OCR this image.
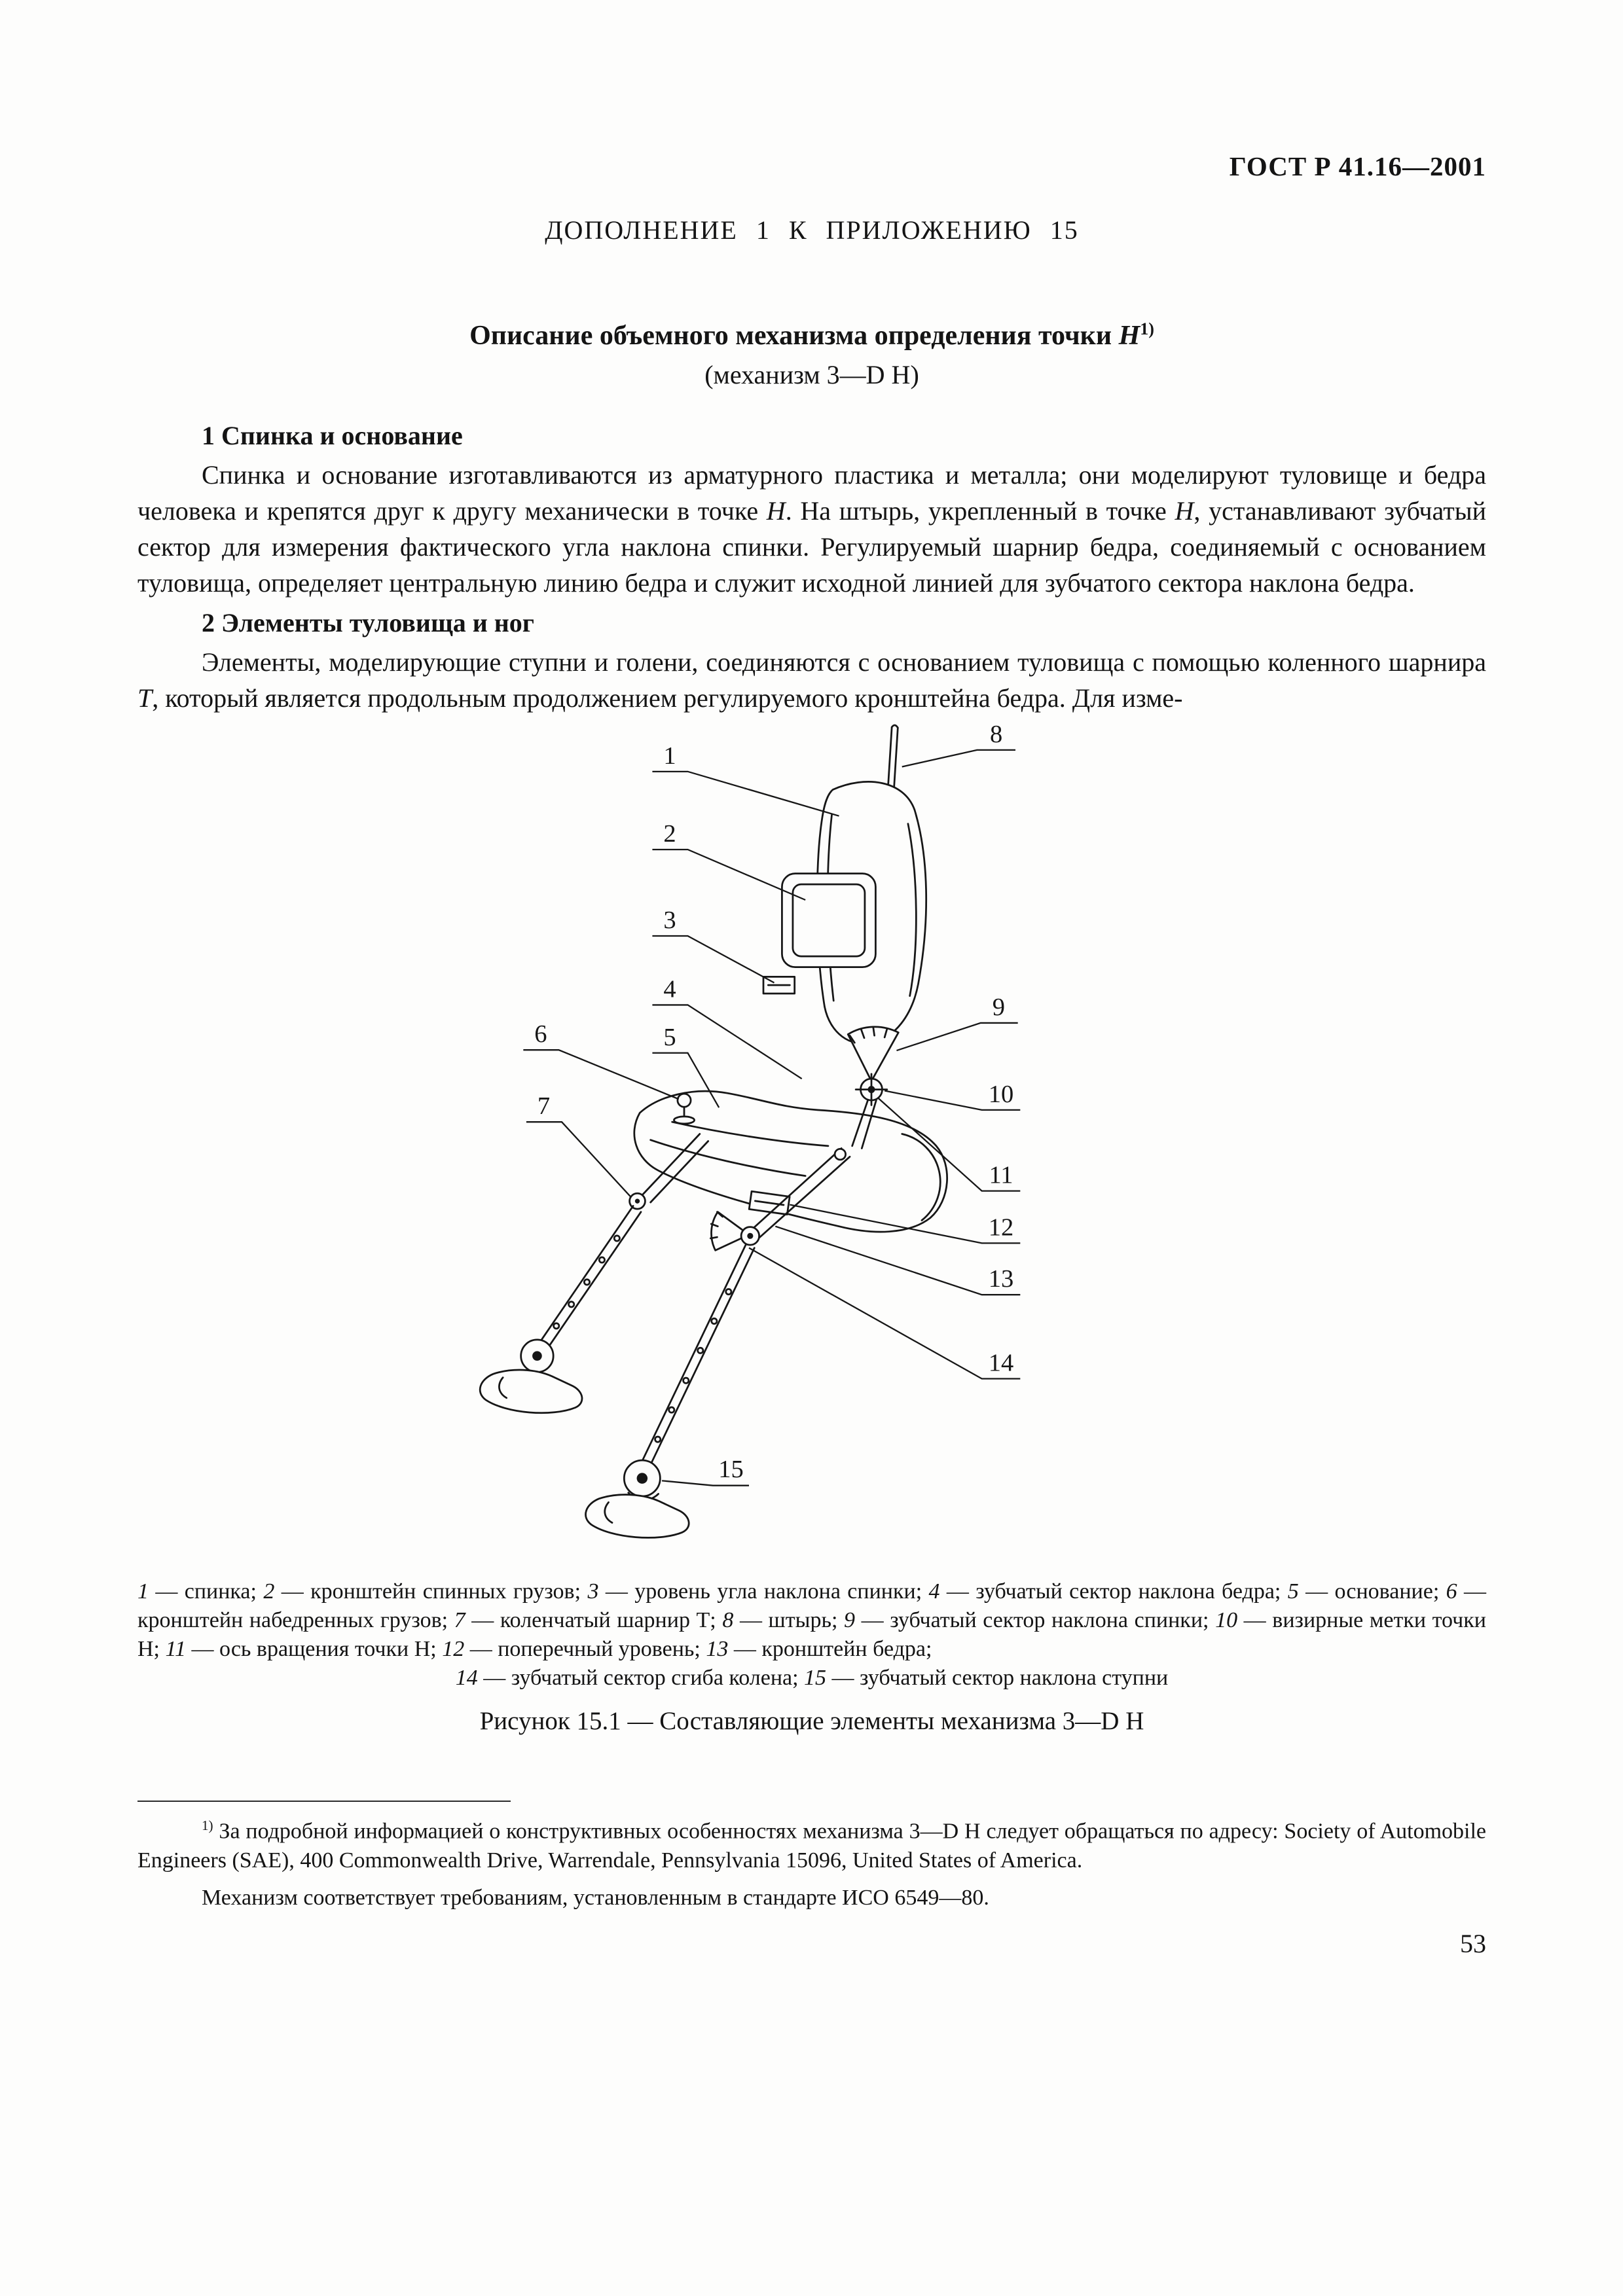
ГОСТ Р 41.16—2001
ДОПОЛНЕНИЕ 1 К ПРИЛОЖЕНИЮ 15
Описание объемного механизма определения точки $Н^{1)}$
(механизм 3—D H)
1 Спинка и основание

Спинка и основание изготавливаются из арматурного пластика и металла; они моделируют туловище и бедра человека и крепятся друг к другу механически в точке Н. На штырь, укрепленный в точке Н, устанавливают зубчатый сектор для измерения фактического угла наклона спинки. Регулируемый шарнир бедра, соединяемый с основанием туловища, определяет центральную линию бедра и служит исходной линией для зубчатого сектора наклона бедра.

2 Элементы туловища и ног

Элементы, моделирующие ступни и голени, соединяются с основанием туловища с помощью коленного шарнира Т, который является продольным продолжением регулируемого кронштейна бедра. Для изме-

1
2
3
4
5
6
7
8
9
10
11
12
13
14
15
1 — спинка; 2 — кронштейн спинных грузов; 3 — уровень угла наклона спинки; 4 — зубчатый сектор наклона бедра; 5 — основание; 6 — кронштейн набедренных грузов; 7 — коленчатый шарнир Т; 8 — штырь; 9 — зубчатый сектор наклона спинки; 10 — визирные метки точки Н; 11 — ось вращения точки Н; 12 — поперечный уровень; 13 — кронштейн бедра;
14 — зубчатый сектор сгиба колена; 15 — зубчатый сектор наклона ступни
Рисунок 15.1 — Составляющие элементы механизма 3—D H

$^{1)}$ За подробной информацией о конструктивных особенностях механизма 3—D H следует обращаться по адресу: Society of Automobile Engineers (SAE), 400 Commonwealth Drive, Warrendale, Pennsylvania 15096, United States of America.

Механизм соответствует требованиям, установленным в стандарте ИСО 6549—80.

53
